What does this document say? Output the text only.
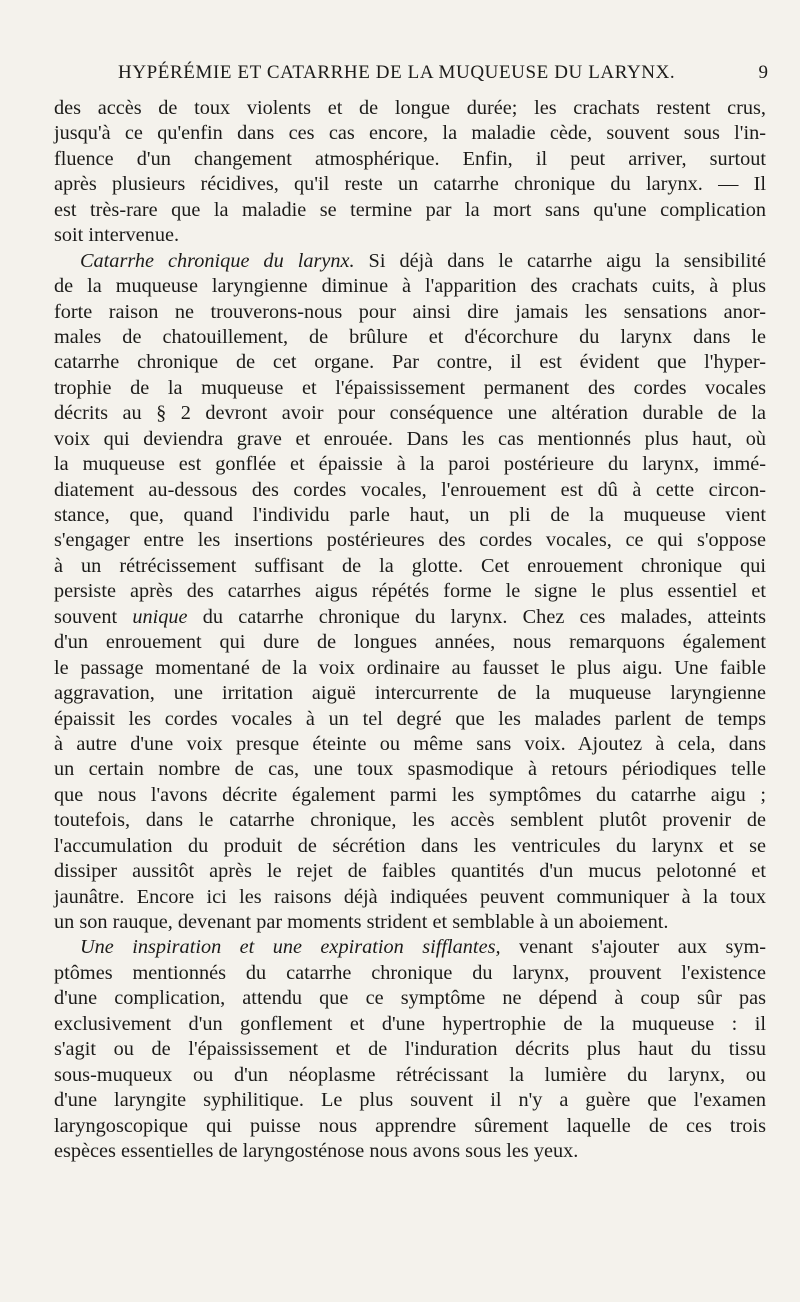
HYPÉRÉMIE ET CATARRHE DE LA MUQUEUSE DU LARYNX.	9
des accès de toux violents et de longue durée; les crachats restent crus,
jusqu'à ce qu'enfin dans ces cas encore, la maladie cède, souvent sous l'in-
fluence d'un changement atmosphérique. Enfin, il peut arriver, surtout
après plusieurs récidives, qu'il reste un catarrhe chronique du larynx. — Il
est très-rare que la maladie se termine par la mort sans qu'une complication
soit intervenue.
Catarrhe chronique du larynx. Si déjà dans le catarrhe aigu la sensibilité
de la muqueuse laryngienne diminue à l'apparition des crachats cuits, à plus
forte raison ne trouverons-nous pour ainsi dire jamais les sensations anor-
males de chatouillement, de brûlure et d'écorchure du larynx dans le
catarrhe chronique de cet organe. Par contre, il est évident que l'hyper-
trophie de la muqueuse et l'épaississement permanent des cordes vocales
décrits au § 2 devront avoir pour conséquence une altération durable de la
voix qui deviendra grave et enrouée. Dans les cas mentionnés plus haut, où
la muqueuse est gonflée et épaissie à la paroi postérieure du larynx, immé-
diatement au-dessous des cordes vocales, l'enrouement est dû à cette circon-
stance, que, quand l'individu parle haut, un pli de la muqueuse vient
s'engager entre les insertions postérieures des cordes vocales, ce qui s'oppose
à un rétrécissement suffisant de la glotte. Cet enrouement chronique qui
persiste après des catarrhes aigus répétés forme le signe le plus essentiel et
souvent unique du catarrhe chronique du larynx. Chez ces malades, atteints
d'un enrouement qui dure de longues années, nous remarquons également
le passage momentané de la voix ordinaire au fausset le plus aigu. Une faible
aggravation, une irritation aiguë intercurrente de la muqueuse laryngienne
épaissit les cordes vocales à un tel degré que les malades parlent de temps
à autre d'une voix presque éteinte ou même sans voix. Ajoutez à cela, dans
un certain nombre de cas, une toux spasmodique à retours périodiques telle
que nous l'avons décrite également parmi les symptômes du catarrhe aigu ;
toutefois, dans le catarrhe chronique, les accès semblent plutôt provenir de
l'accumulation du produit de sécrétion dans les ventricules du larynx et se
dissiper aussitôt après le rejet de faibles quantités d'un mucus pelotonné et
jaunâtre. Encore ici les raisons déjà indiquées peuvent communiquer à la toux
un son rauque, devenant par moments strident et semblable à un aboiement.
Une inspiration et une expiration sifflantes, venant s'ajouter aux sym-
ptômes mentionnés du catarrhe chronique du larynx, prouvent l'existence
d'une complication, attendu que ce symptôme ne dépend à coup sûr pas
exclusivement d'un gonflement et d'une hypertrophie de la muqueuse : il
s'agit ou de l'épaississement et de l'induration décrits plus haut du tissu
sous-muqueux ou d'un néoplasme rétrécissant la lumière du larynx, ou
d'une laryngite syphilitique. Le plus souvent il n'y a guère que l'examen
laryngoscopique qui puisse nous apprendre sûrement laquelle de ces trois
espèces essentielles de laryngosténose nous avons sous les yeux.
